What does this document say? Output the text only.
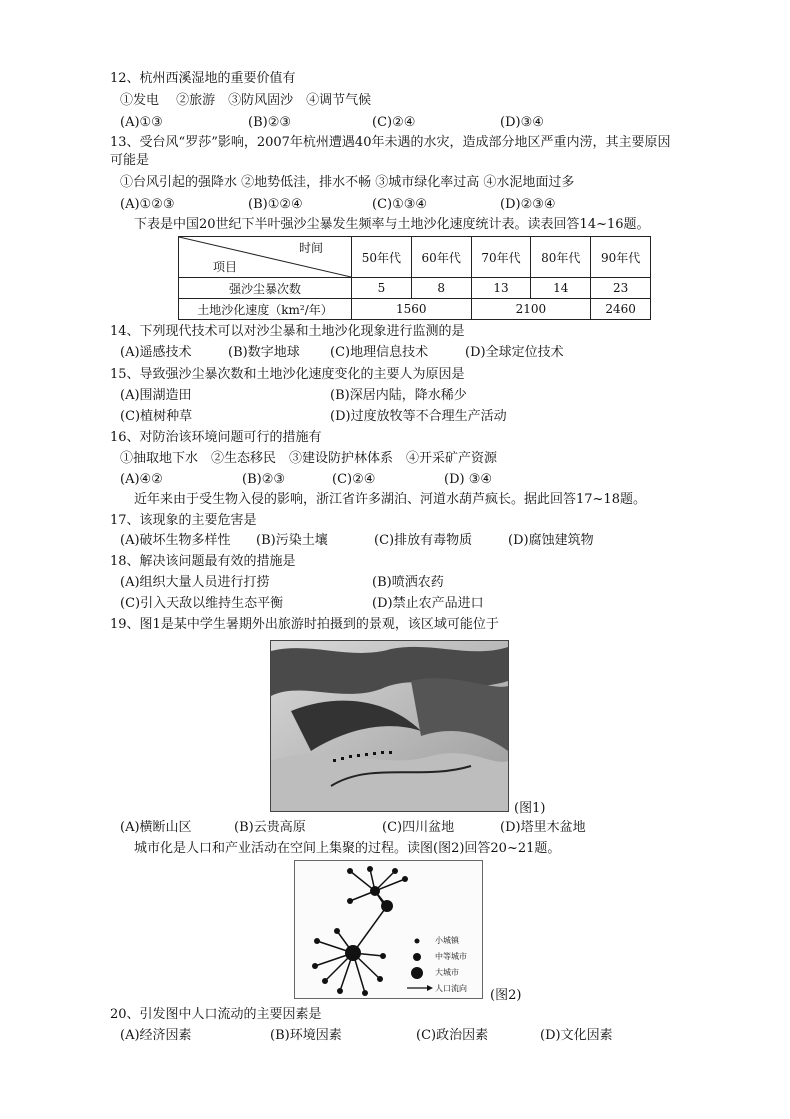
12、杭州西溪湿地的重要价值有
①发电　 ②旅游　③防风固沙　④调节气候
(A)①③	(B)②③	(C)②④	(D)③④
13、受台风“罗莎”影响，2007年杭州遭遇40年未遇的水灾，造成部分地区严重内涝，其主要原因
可能是
①台风引起的强降水 ②地势低洼，排水不畅 ③城市绿化率过高 ④水泥地面过多
(A)①②③	(B)①②④	(C)①③④	(D)②③④
下表是中国20世纪下半叶强沙尘暴发生频率与土地沙化速度统计表。读表回答14~16题。
时间
项目	50年代	60年代	70年代	80年代	90年代
强沙尘暴次数	5	8	13	14	23
土地沙化速度（km²/年）	1560		2100		2460
14、下列现代技术可以对沙尘暴和土地沙化现象进行监测的是
(A)遥感技术	(B)数字地球 (C)地理信息技术	(D)全球定位技术
15、导致强沙尘暴次数和土地沙化速度变化的主要人为原因是
(A)围湖造田	(B)深居内陆，降水稀少
(C)植树种草	(D)过度放牧等不合理生产活动
16、对防治该环境问题可行的措施有
①抽取地下水　②生态移民　③建设防护林体系　④开采矿产资源
(A)④②	(B)②③	(C)②④	(D) ③④
近年来由于受生物入侵的影响，浙江省许多湖泊、河道水葫芦疯长。据此回答17~18题。
17、该现象的主要危害是
(A)破坏生物多样性 (B)污染土壤	(C)排放有毒物质	(D)腐蚀建筑物
18、解决该问题最有效的措施是
(A)组织大量人员进行打捞	(B)喷洒农药
(C)引入天敌以维持生态平衡	(D)禁止农产品进口
19、图1是某中学生暑期外出旅游时拍摄到的景观，该区域可能位于
(图1)
(A)横断山区	(B)云贵高原	(C)四川盆地	(D)塔里木盆地
城市化是人口和产业活动在空间上集聚的过程。读图(图2)回答20~21题。
小城镇
中等城市
大城市
人口流向 (图2)
20、引发图中人口流动的主要因素是
(A)经济因素	(B)环境因素	(C)政治因素	(D)文化因素
